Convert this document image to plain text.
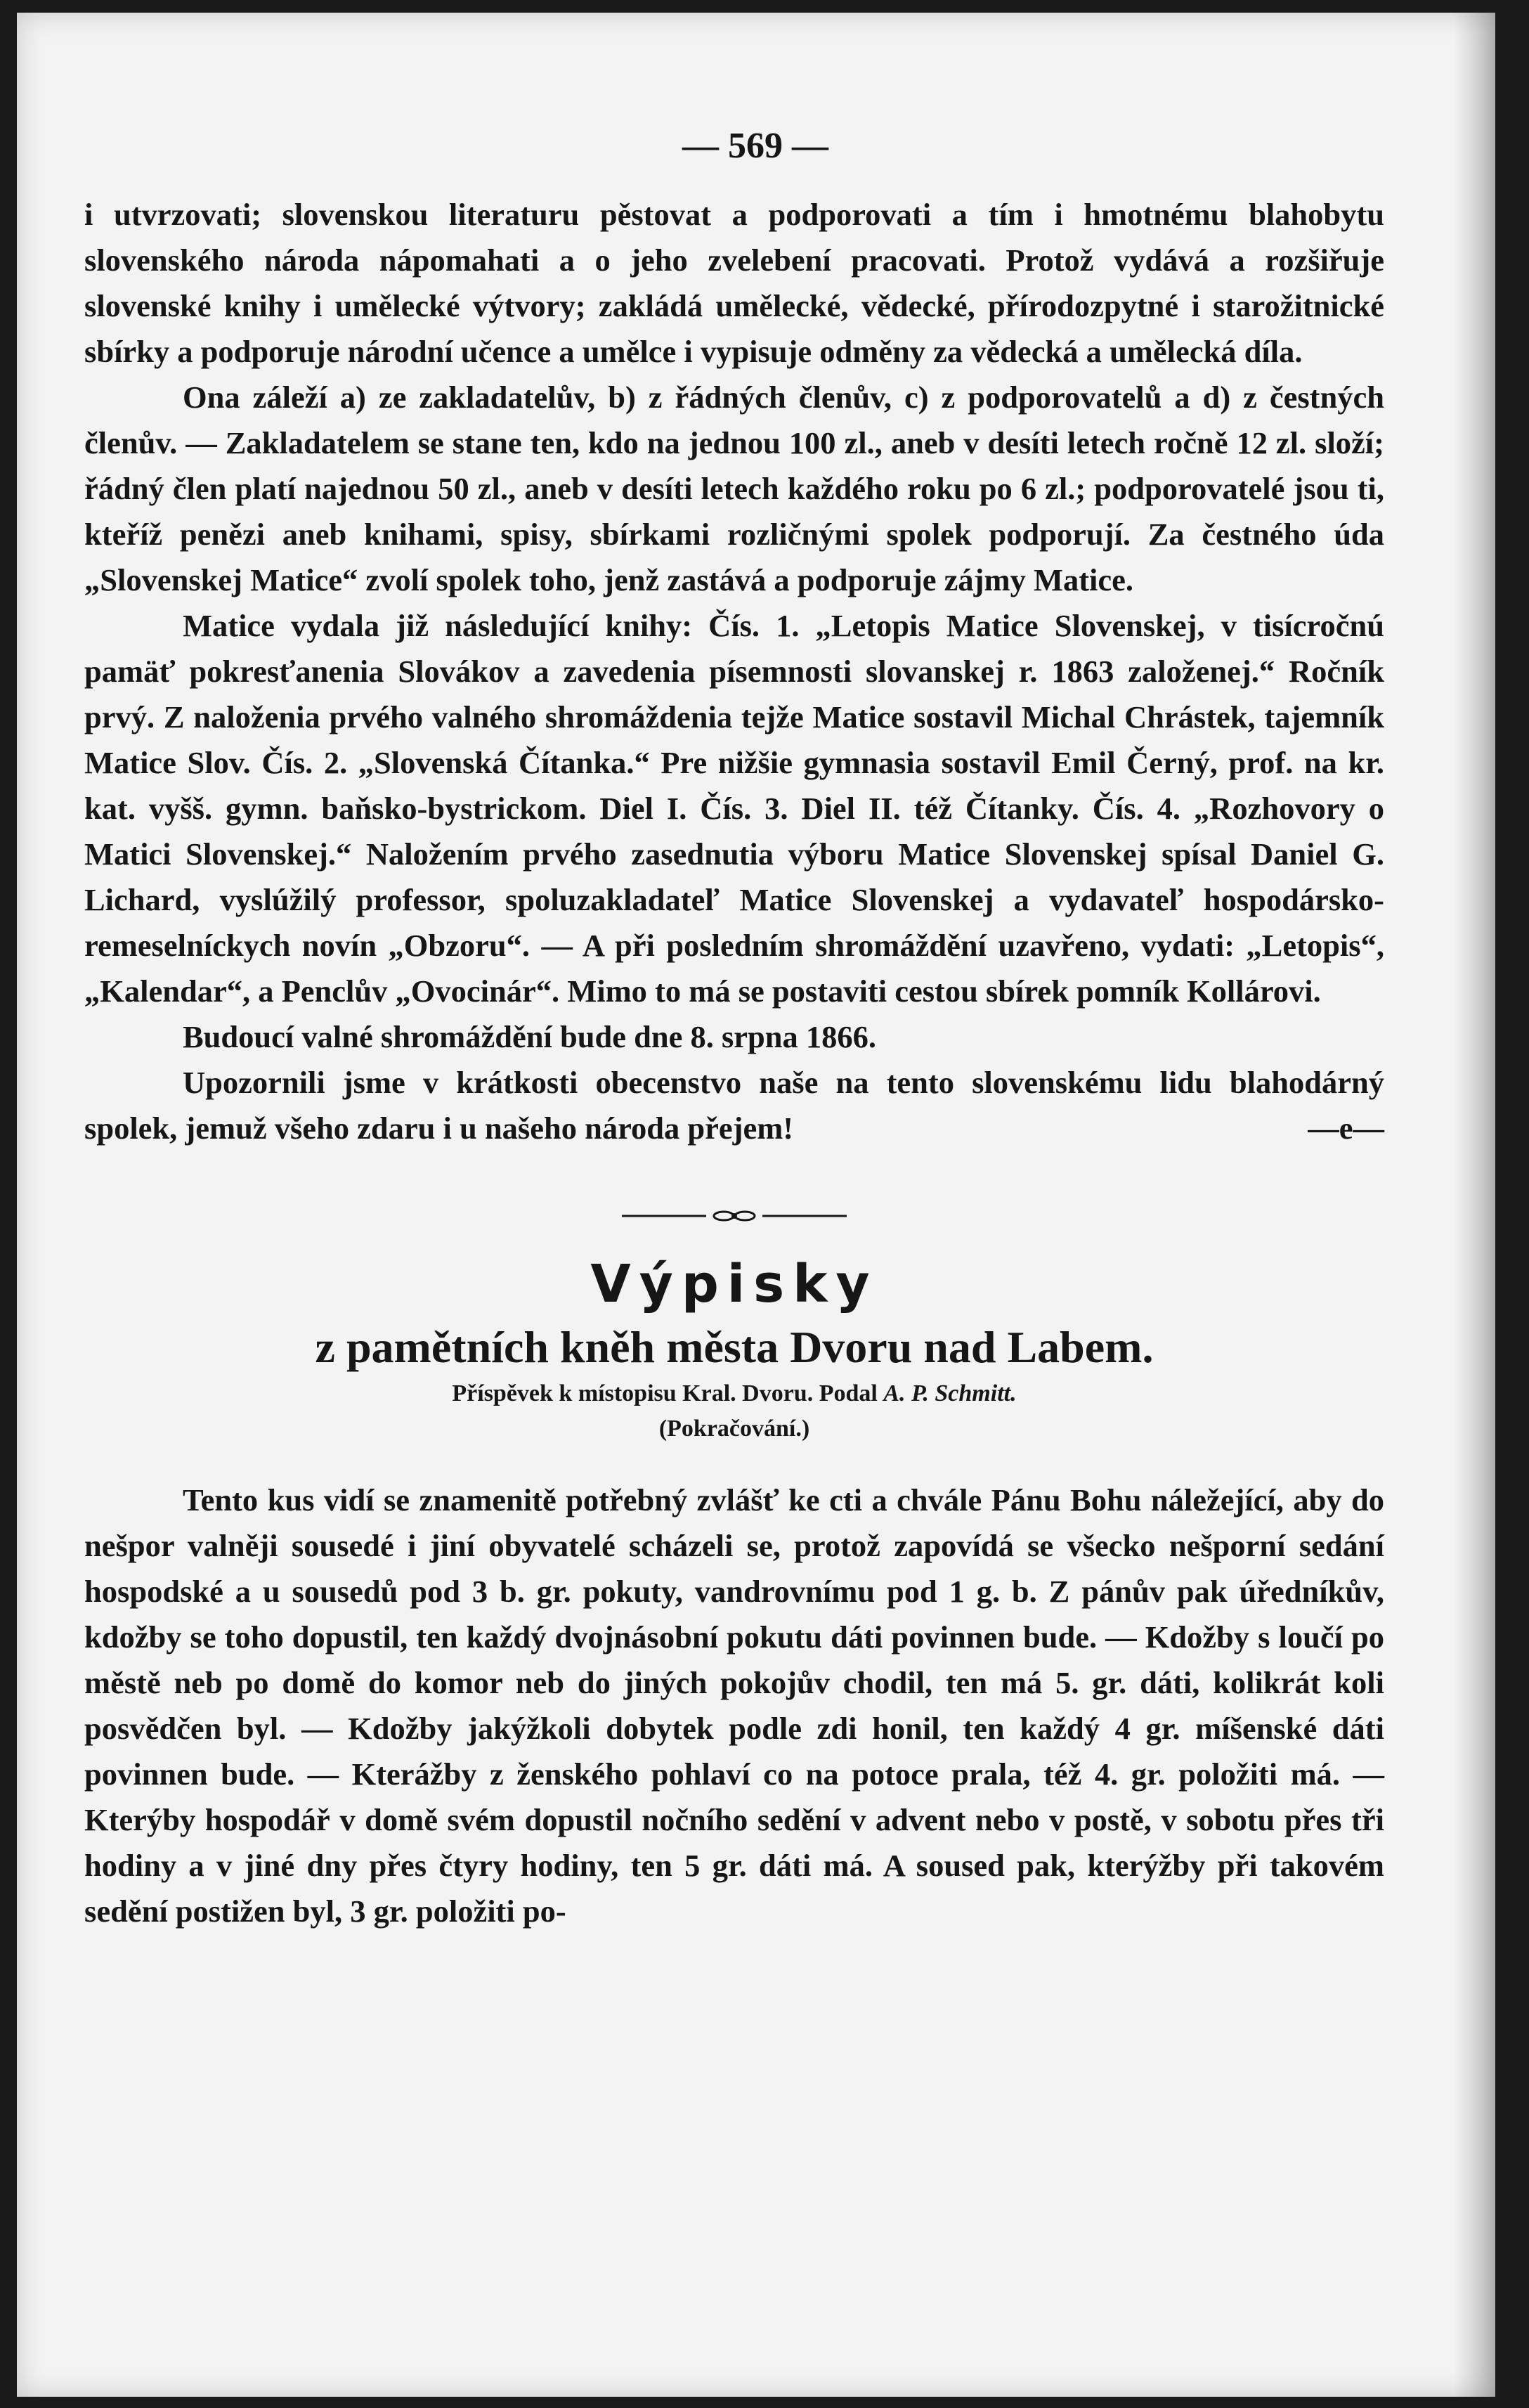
— 569 —

i utvrzovati; slovenskou literaturu pěstovat a podporovati a tím i hmotnému blahobytu slovenského národa nápomahati a o jeho zvelebení pracovati. Protož vydává a rozšiřuje slovenské knihy i umělecké výtvory; zakládá umělecké, vědecké, přírodozpytné i starožitnické sbírky a podporuje národní učence a umělce i vypisuje odměny za vědecká a umělecká díla.

Ona záleží a) ze zakladatelův, b) z řádných členův, c) z podporovatelů a d) z čestných členův. — Zakladatelem se stane ten, kdo na jednou 100 zl., aneb v desíti letech ročně 12 zl. složí; řádný člen platí najednou 50 zl., aneb v desíti letech každého roku po 6 zl.; podporovatelé jsou ti, kteříž penězi aneb knihami, spisy, sbírkami rozličnými spolek podporují. Za čestného úda „Slovenskej Matice“ zvolí spolek toho, jenž zastává a podporuje zájmy Matice.

Matice vydala již následující knihy: Čís. 1. „Letopis Matice Slovenskej, v tisícročnú pamäť pokresťanenia Slovákov a zavedenia písemnosti slovanskej r. 1863 založenej.“ Ročník prvý. Z naloženia prvého valného shromáždenia tejže Matice sostavil Michal Chrástek, tajemník Matice Slov. Čís. 2. „Slovenská Čítanka.“ Pre nižšie gymnasia sostavil Emil Černý, prof. na kr. kat. vyšš. gymn. baňsko-bystrickom. Diel I. Čís. 3. Diel II. též Čítanky. Čís. 4. „Rozhovory o Matici Slovenskej.“ Naložením prvého zasednutia výboru Matice Slovenskej spísal Daniel G. Lichard, vyslúžilý professor, spoluzakladateľ Matice Slovenskej a vydavateľ hospodársko-remeselníckych novín „Obzoru“. — A při posledním shromáždění uzavřeno, vydati: „Letopis“, „Kalendar“, a Penclův „Ovocinár“. Mimo to má se postaviti cestou sbírek pomník Kollárovi.

Budoucí valné shromáždění bude dne 8. srpna 1866.

Upozornili jsme v krátkosti obecenstvo naše na tento slovenskému lidu blahodárný spolek, jemuž všeho zdaru i u našeho národa přejem!	—e—

Výpisky
z pamětních kněh města Dvoru nad Labem.
Příspěvek k místopisu Kral. Dvoru. Podal A. P. Schmitt.
(Pokračování.)

Tento kus vidí se znamenitě potřebný zvlášť ke cti a chvále Pánu Bohu náležející, aby do nešpor valněji sousedé i jiní obyvatelé scházeli se, protož zapovídá se všecko nešporní sedání hospodské a u sousedů pod 3 b. gr. pokuty, vandrovnímu pod 1 g. b. Z pánův pak úředníkův, kdožby se toho dopustil, ten každý dvojnásobní pokutu dáti povinnen bude. — Kdožby s loučí po městě neb po domě do komor neb do jiných pokojův chodil, ten má 5. gr. dáti, kolikrát koli posvědčen byl. — Kdožby jakýžkoli dobytek podle zdi honil, ten každý 4 gr. míšenské dáti povinnen bude. — Kterážby z ženského pohlaví co na potoce prala, též 4. gr. položiti má. — Kterýby hospodář v domě svém dopustil nočního sedění v advent nebo v postě, v sobotu přes tři hodiny a v jiné dny přes čtyry hodiny, ten 5 gr. dáti má. A soused pak, kterýžby při takovém sedění postižen byl, 3 gr. položiti po-
